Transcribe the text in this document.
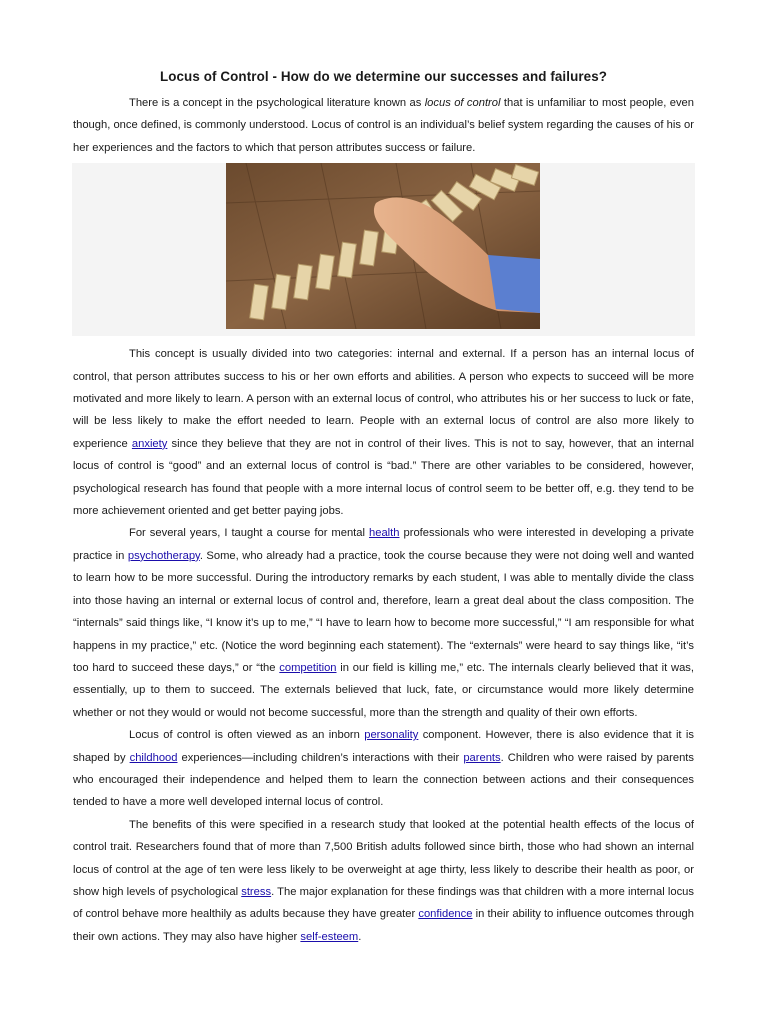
Locus of Control - How do we determine our successes and failures?

There is a concept in the psychological literature known as locus of control that is unfamiliar to most people, even though, once defined, is commonly understood. Locus of control is an individual’s belief system regarding the causes of his or her experiences and the factors to which that person attributes success or failure.

This concept is usually divided into two categories: internal and external. If a person has an internal locus of control, that person attributes success to his or her own efforts and abilities. A person who expects to succeed will be more motivated and more likely to learn. A person with an external locus of control, who attributes his or her success to luck or fate, will be less likely to make the effort needed to learn. People with an external locus of control are also more likely to experience anxiety since they believe that they are not in control of their lives. This is not to say, however, that an internal locus of control is “good” and an external locus of control is “bad.” There are other variables to be considered, however, psychological research has found that people with a more internal locus of control seem to be better off, e.g. they tend to be more achievement oriented and get better paying jobs.

For several years, I taught a course for mental health professionals who were interested in developing a private practice in psychotherapy. Some, who already had a practice, took the course because they were not doing well and wanted to learn how to be more successful. During the introductory remarks by each student, I was able to mentally divide the class into those having an internal or external locus of control and, therefore, learn a great deal about the class composition. The “internals” said things like, “I know it’s up to me,” “I have to learn how to become more successful,” “I am responsible for what happens in my practice,” etc. (Notice the word beginning each statement). The “externals” were heard to say things like, “it’s too hard to succeed these days,” or “the competition in our field is killing me,” etc. The internals clearly believed that it was, essentially, up to them to succeed. The externals believed that luck, fate, or circumstance would more likely determine whether or not they would or would not become successful, more than the strength and quality of their own efforts.

Locus of control is often viewed as an inborn personality component. However, there is also evidence that it is shaped by childhood experiences—including children’s interactions with their parents. Children who were raised by parents who encouraged their independence and helped them to learn the connection between actions and their consequences tended to have a more well developed internal locus of control.

The benefits of this were specified in a research study that looked at the potential health effects of the locus of control trait. Researchers found that of more than 7,500 British adults followed since birth, those who had shown an internal locus of control at the age of ten were less likely to be overweight at age thirty, less likely to describe their health as poor, or show high levels of psychological stress. The major explanation for these findings was that children with a more internal locus of control behave more healthily as adults because they have greater confidence in their ability to influence outcomes through their own actions. They may also have higher self-esteem.
